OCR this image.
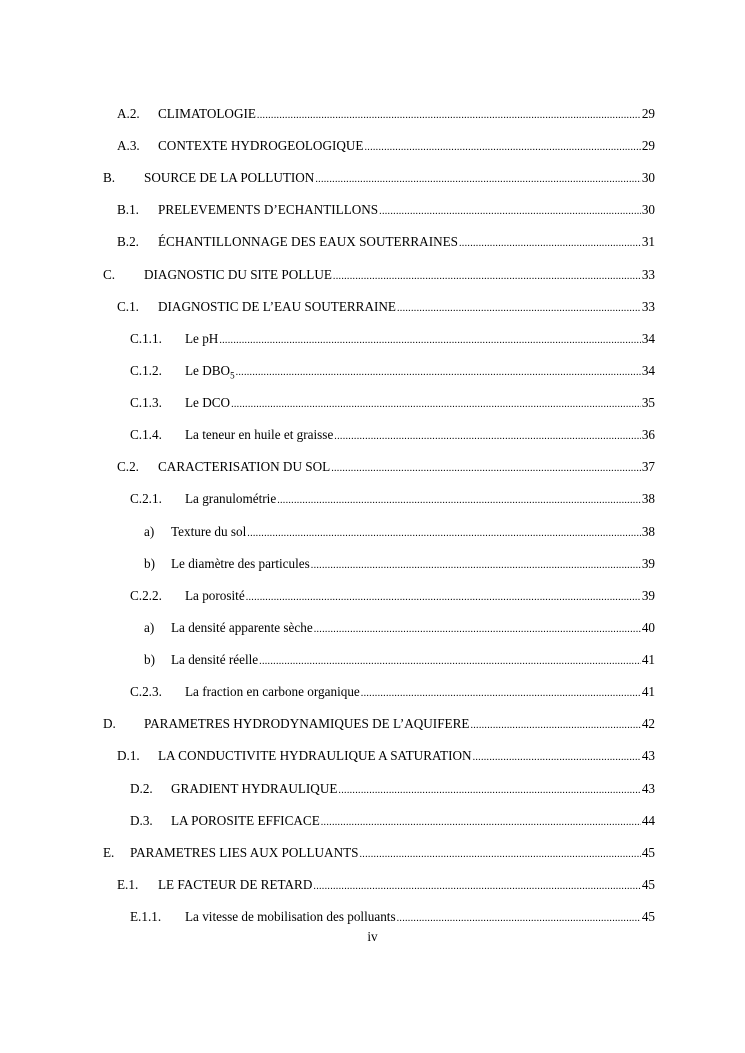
A.2.	CLIMATOLOGIE .....	29
A.3.	CONTEXTE HYDROGEOLOGIQUE .....	29
B.	SOURCE DE LA POLLUTION .....	30
B.1.	PRELEVEMENTS D’ECHANTILLONS .....	30
B.2.	ÉCHANTILLONNAGE DES EAUX SOUTERRAINES .....	31
C.	DIAGNOSTIC DU SITE POLLUE .....	33
C.1.	DIAGNOSTIC DE L’EAU SOUTERRAINE .....	33
C.1.1.	Le pH .....	34
C.1.2.	Le $DBO_5$ .....	34
C.1.3.	Le DCO .....	35
C.1.4.	La teneur en huile et graisse .....	36
C.2.	CARACTERISATION DU SOL .....	37
C.2.1.	La granulométrie .....	38
a)	Texture du sol .....	38
b)	Le diamètre des particules .....	39
C.2.2.	La porosité .....	39
a)	La densité apparente sèche .....	40
b)	La densité réelle .....	41
C.2.3.	La fraction en carbone organique .....	41
D.	PARAMETRES HYDRODYNAMIQUES DE L’AQUIFERE .....	42
D.1.	LA CONDUCTIVITE HYDRAULIQUE A SATURATION .....	43
D.2.	GRADIENT HYDRAULIQUE .....	43
D.3.	LA POROSITE EFFICACE .....	44
E.	PARAMETRES LIES AUX POLLUANTS .....	45
E.1.	LE FACTEUR DE RETARD .....	45
E.1.1.	La vitesse de mobilisation des polluants .....	45
iv
